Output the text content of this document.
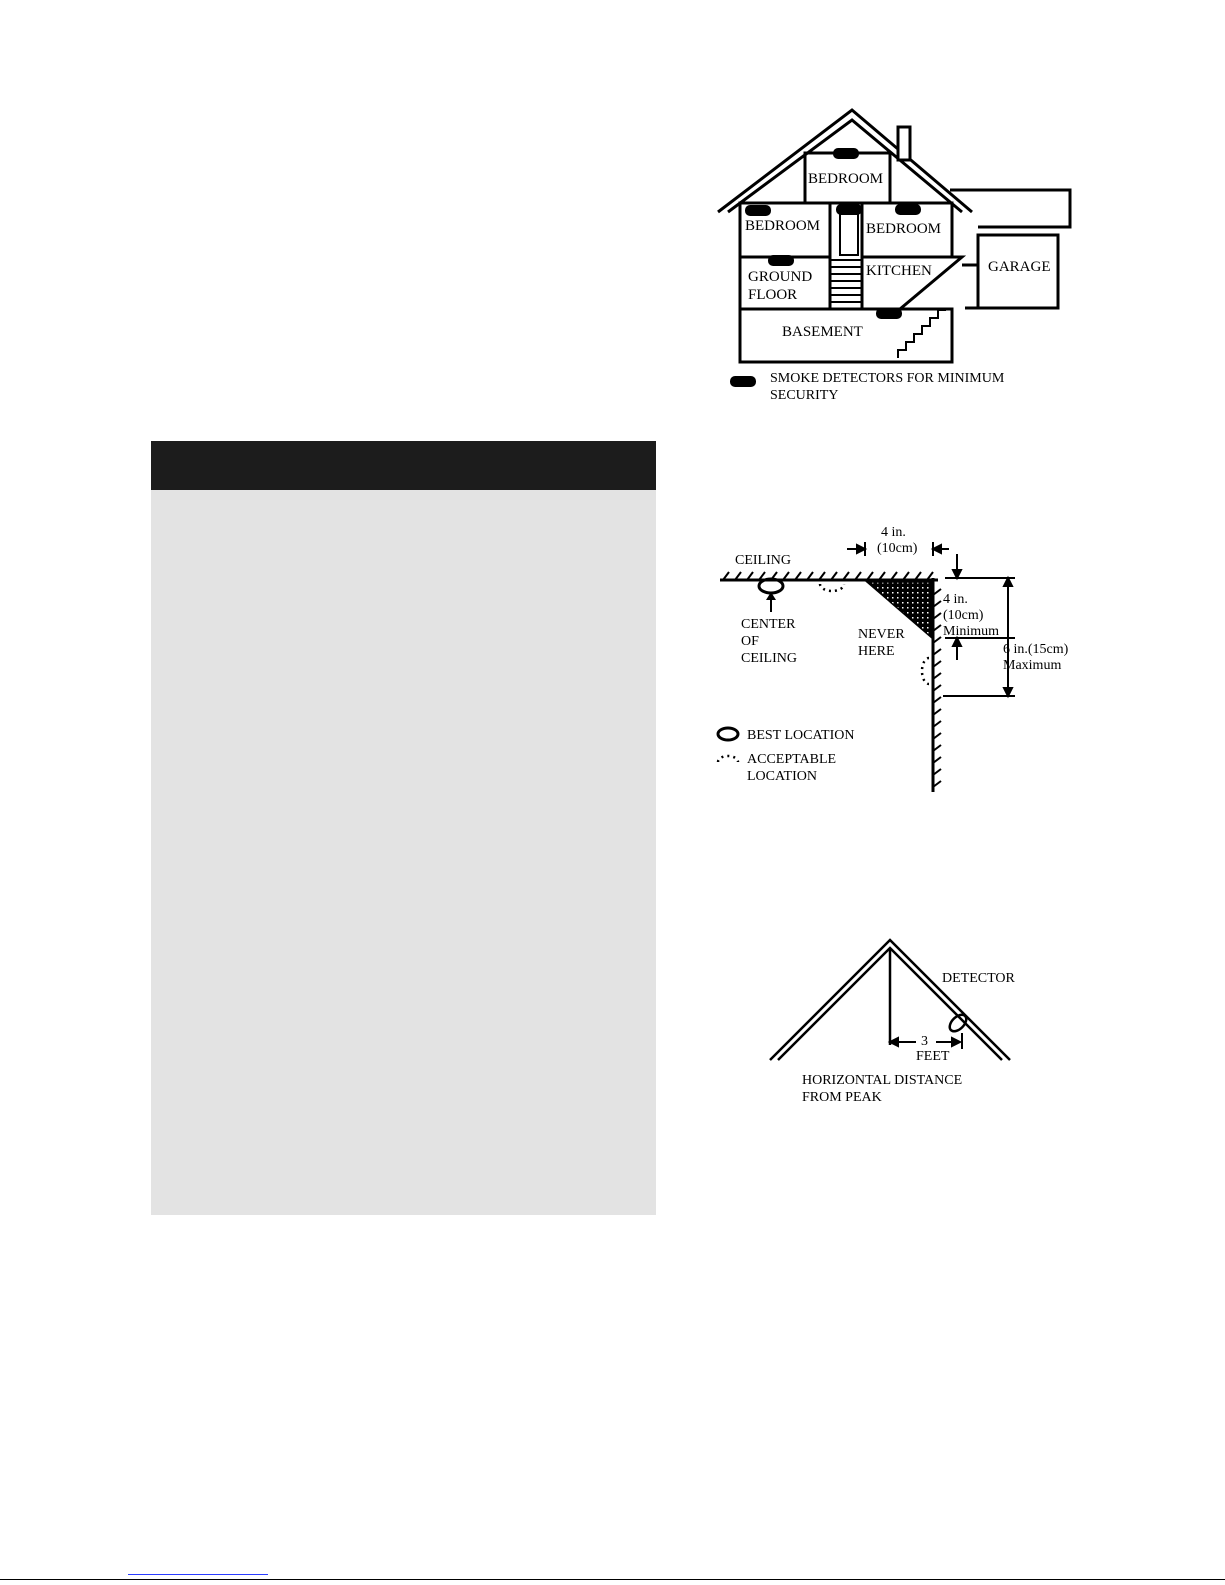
BEDROOM
BEDROOM	BEDROOM
GROUND
FLOOR
KITCHEN	GARAGE
BASEMENT
SMOKE DETECTORS FOR MINIMUM
SECURITY
CEILING
4 in.
(10cm)
CENTER
OF
CEILING
NEVER
HERE
4 in.
(10cm)
Minimum
6 in.(15cm)
Maximum
BEST LOCATION
ACCEPTABLE
LOCATION
DETECTOR
3
FEET
HORIZONTAL DISTANCE
FROM PEAK
